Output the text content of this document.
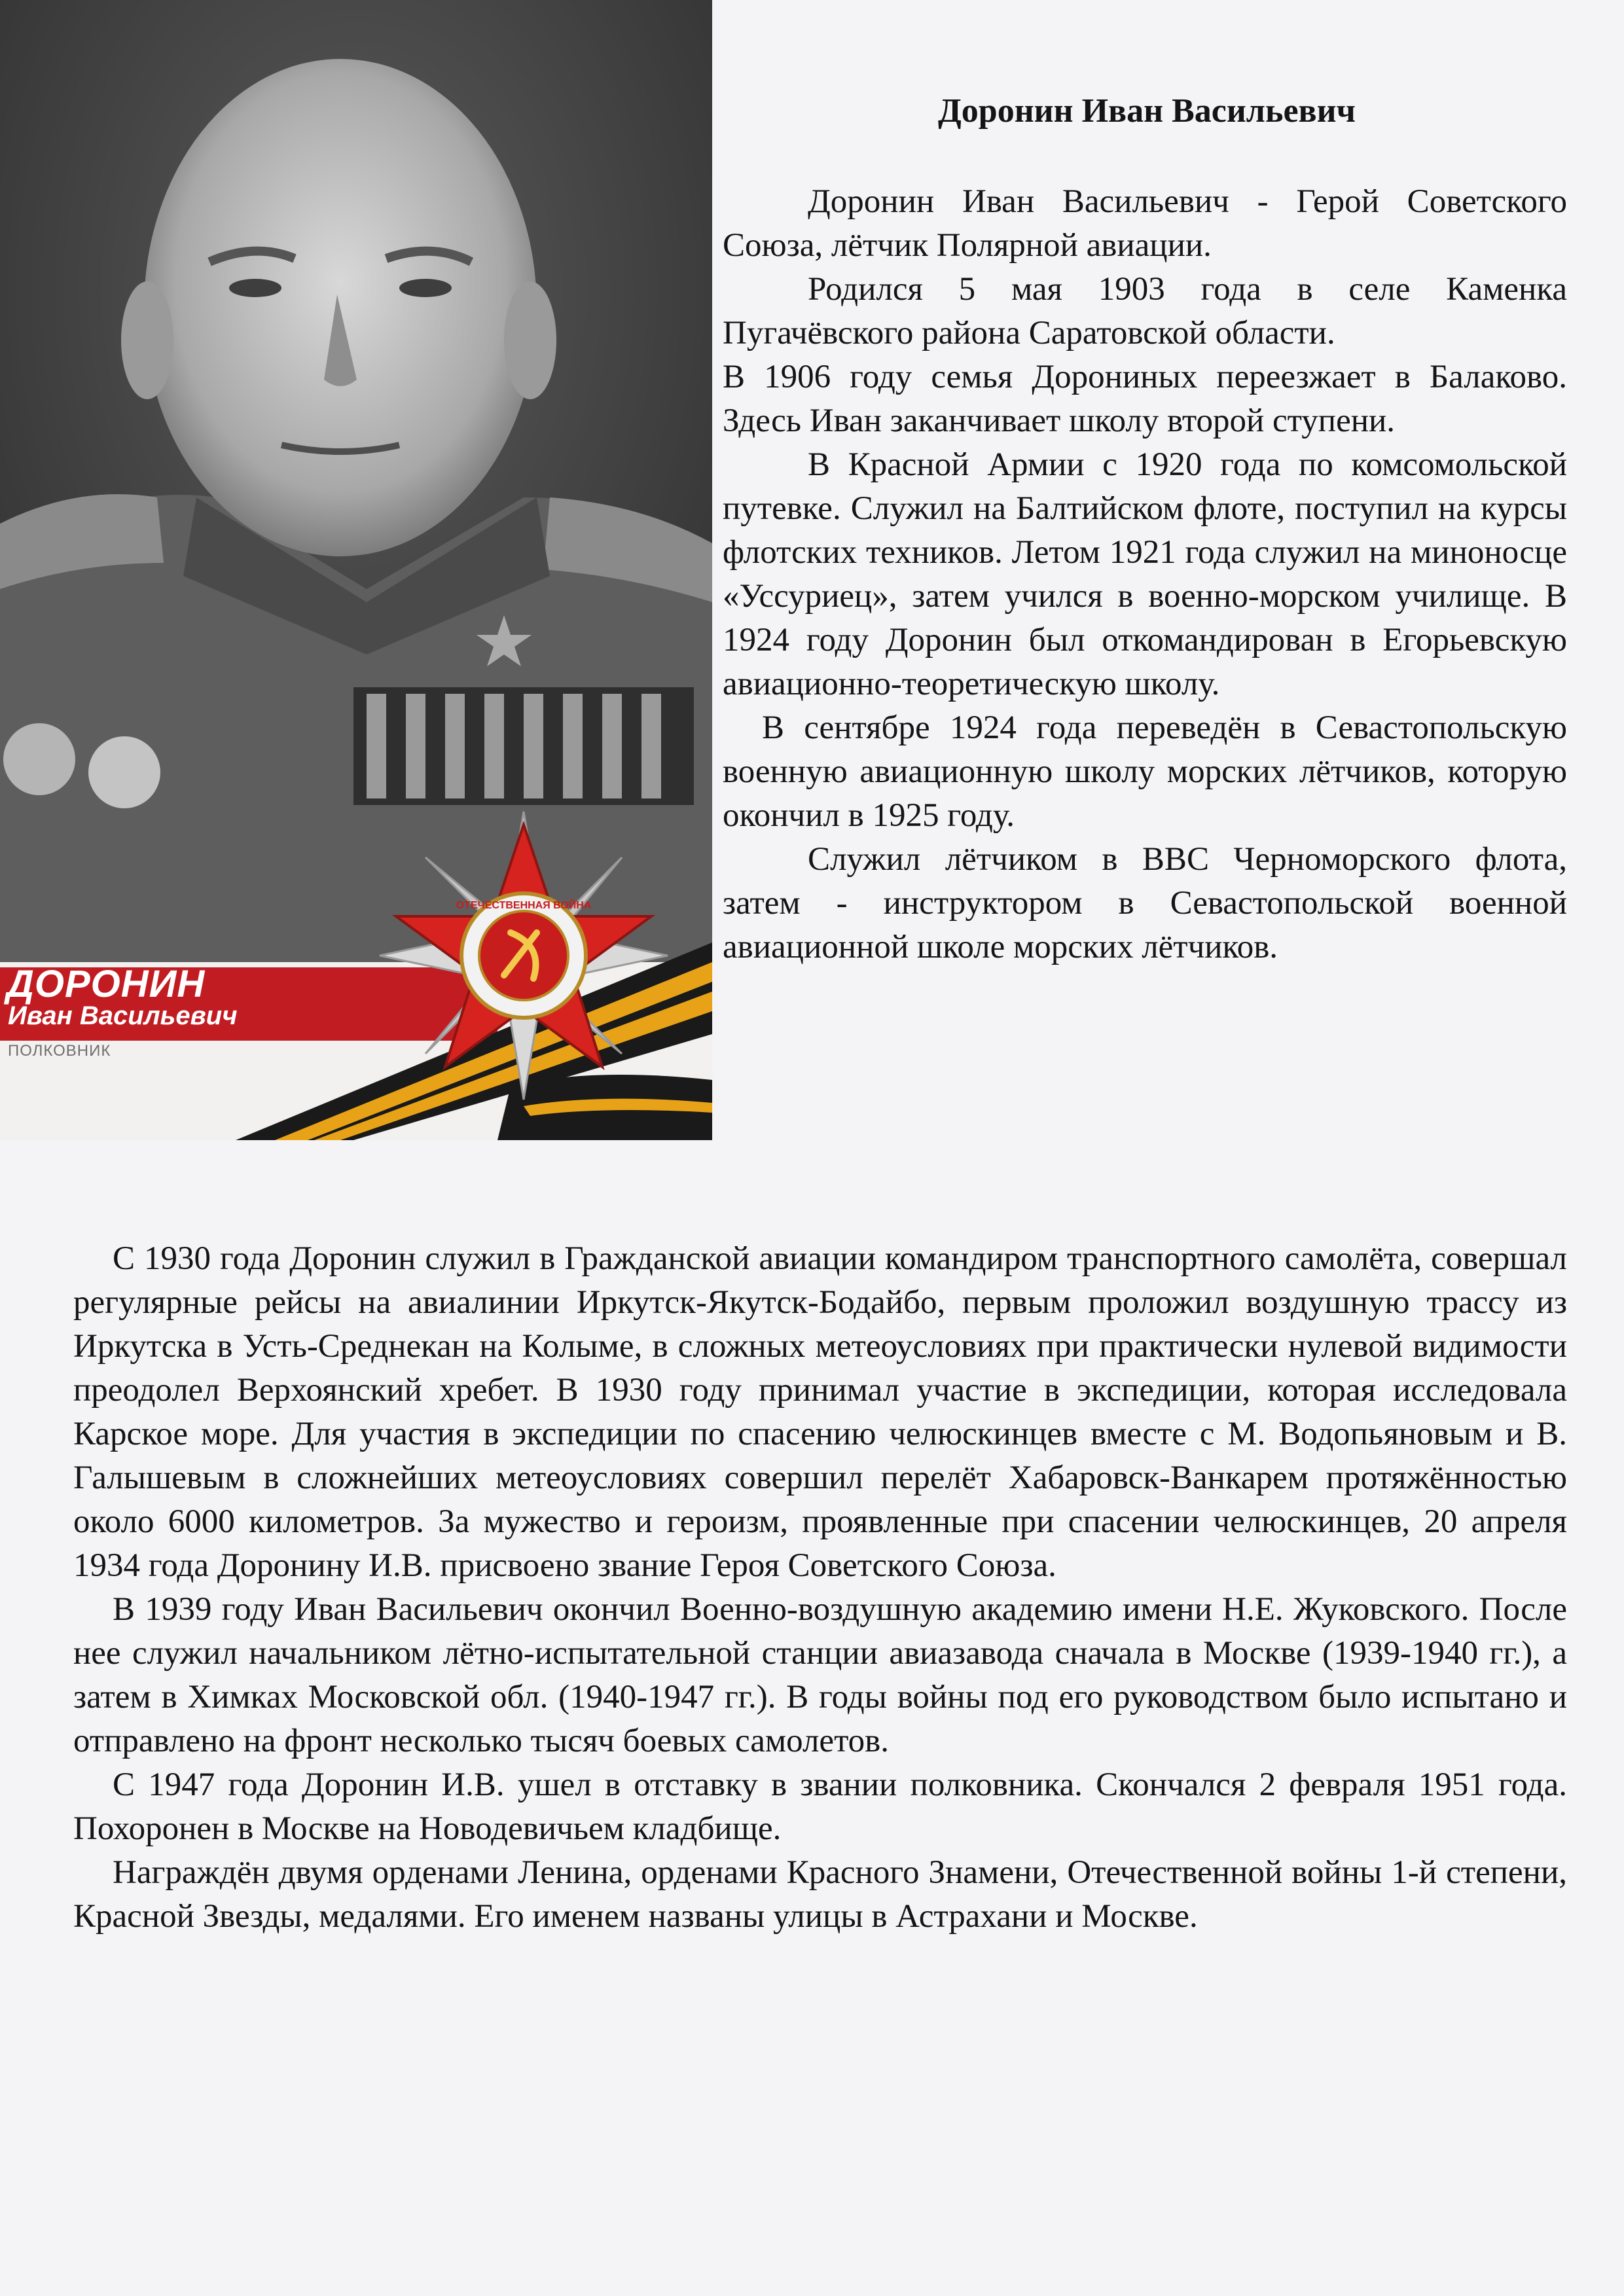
ДОРОНИН
Иван Васильевич
ПОЛКОВНИК
ОТЕЧЕСТВЕННАЯ ВОЙНА
Доронин Иван Васильевич

Доронин Иван Васильевич - Герой Советского Союза, лётчик Полярной авиации.

Родился 5 мая 1903 года в селе Каменка Пугачёвского района Саратовской области.

В 1906 году семья Дорониных переезжает в Балаково. Здесь Иван заканчивает школу второй ступени.

В Красной Армии с 1920 года по комсомольской путевке. Служил на Балтийском флоте, поступил на курсы флотских техников. Летом 1921 года служил на миноносце «Уссуриец», затем учился в военно-морском училище. В 1924 году Доронин был откомандирован в Егорьевскую авиационно-теоретическую школу.

В сентябре 1924 года переведён в Севастопольскую военную авиационную школу морских лётчиков, которую окончил в 1925 году.

Служил лётчиком в ВВС Черноморского флота, затем - инструктором в Севастопольской военной авиационной школе морских лётчиков.

С 1930 года Доронин служил в Гражданской авиации командиром транспортного самолёта, совершал регулярные рейсы на авиалинии Иркутск-Якутск-Бодайбо, первым проложил воздушную трассу из Иркутска в Усть-Среднекан на Колыме, в сложных метеоусловиях при практически нулевой видимости преодолел Верхоянский хребет. В 1930 году принимал участие в экспедиции, которая исследовала Карское море. Для участия в экспедиции по спасению челюскинцев вместе с М. Водопьяновым и В. Галышевым в сложнейших метеоусловиях совершил перелёт Хабаровск-Ванкарем протяжённостью около 6000 километров. За мужество и героизм, проявленные при спасении челюскинцев, 20 апреля 1934 года Доронину И.В. присвоено звание Героя Советского Союза.

В 1939 году Иван Васильевич окончил Военно-воздушную академию имени Н.Е. Жуковского. После нее служил начальником лётно-испытательной станции авиазавода сначала в Москве (1939-1940 гг.), а затем в Химках Московской обл. (1940-1947 гг.). В годы войны под его руководством было испытано и отправлено на фронт несколько тысяч боевых самолетов.

С 1947 года Доронин И.В. ушел в отставку в звании полковника. Скончался 2 февраля 1951 года. Похоронен в Москве на Новодевичьем кладбище.

Награждён двумя орденами Ленина, орденами Красного Знамени, Отечественной войны 1-й степени, Красной Звезды, медалями. Его именем названы улицы в Астрахани и Москве.
